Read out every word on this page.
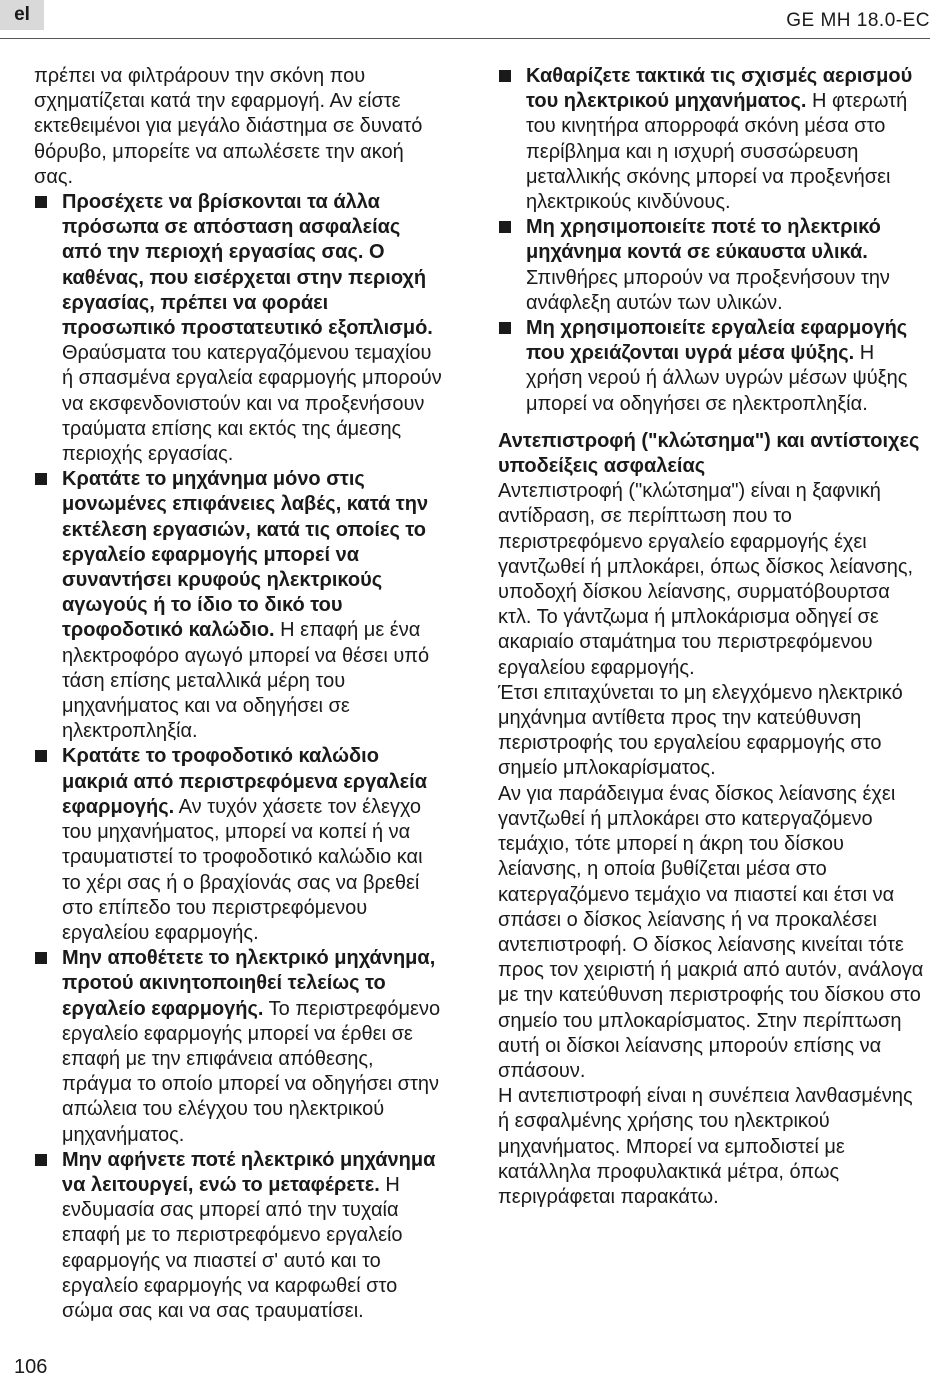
el	GE MH 18.0-EC

πρέπει να φιλτράρουν την σκόνη που σχηματίζεται κατά την εφαρμογή. Αν είστε εκτεθειμένοι για μεγάλο διάστημα σε δυνατό θόρυβο, μπορείτε να απωλέσετε την ακοή σας.

Προσέχετε να βρίσκονται τα άλλα πρόσωπα σε απόσταση ασφαλείας από την περιοχή εργασίας σας. Ο καθένας, που εισέρχεται στην περιοχή εργασίας, πρέπει να φοράει προσωπικό προστατευτικό εξοπλισμό. Θραύσματα του κατεργαζόμενου τεμαχίου ή σπασμένα εργαλεία εφαρμογής μπορούν να εκσφενδονιστούν και να προξενήσουν τραύματα επίσης και εκτός της άμεσης περιοχής εργασίας.
Κρατάτε το μηχάνημα μόνο στις μονωμένες επιφάνειες λαβές, κατά την εκτέλεση εργασιών, κατά τις οποίες το εργαλείο εφαρμογής μπορεί να συναντήσει κρυφούς ηλεκτρικούς αγωγούς ή το ίδιο το δικό του τροφοδοτικό καλώδιο. Η επαφή με ένα ηλεκτροφόρο αγωγό μπορεί να θέσει υπό τάση επίσης μεταλλικά μέρη του μηχανήματος και να οδηγήσει σε ηλεκτροπληξία.
Κρατάτε το τροφοδοτικό καλώδιο μακριά από περιστρεφόμενα εργαλεία εφαρμογής. Αν τυχόν χάσετε τον έλεγχο του μηχανήματος, μπορεί να κοπεί ή να τραυματιστεί το τροφοδοτικό καλώδιο και το χέρι σας ή ο βραχίονάς σας να βρεθεί στο επίπεδο του περιστρεφόμενου εργαλείου εφαρμογής.
Μην αποθέτετε το ηλεκτρικό μηχάνημα, προτού ακινητοποιηθεί τελείως το εργαλείο εφαρμογής. Το περιστρεφόμενο εργαλείο εφαρμογής μπορεί να έρθει σε επαφή με την επιφάνεια απόθεσης, πράγμα το οποίο μπορεί να οδηγήσει στην απώλεια του ελέγχου του ηλεκτρικού μηχανήματος.
Μην αφήνετε ποτέ ηλεκτρικό μηχάνημα να λειτουργεί, ενώ το μεταφέρετε. Η ενδυμασία σας μπορεί από την τυχαία επαφή με το περιστρεφόμενο εργαλείο εφαρμογής να πιαστεί σ' αυτό και το εργαλείο εφαρμογής να καρφωθεί στο σώμα σας και να σας τραυματίσει.
Καθαρίζετε τακτικά τις σχισμές αερισμού του ηλεκτρικού μηχανήματος. Η φτερωτή του κινητήρα απορροφά σκόνη μέσα στο περίβλημα και η ισχυρή συσσώρευση μεταλλικής σκόνης μπορεί να προξενήσει ηλεκτρικούς κινδύνους.
Μη χρησιμοποιείτε ποτέ το ηλεκτρικό μηχάνημα κοντά σε εύκαυστα υλικά. Σπινθήρες μπορούν να προξενήσουν την ανάφλεξη αυτών των υλικών.
Μη χρησιμοποιείτε εργαλεία εφαρμογής που χρειάζονται υγρά μέσα ψύξης. Η χρήση νερού ή άλλων υγρών μέσων ψύξης μπορεί να οδηγήσει σε ηλεκτροπληξία.

Αντεπιστροφή ("κλώτσημα") και αντίστοιχες υποδείξεις ασφαλείας

Αντεπιστροφή ("κλώτσημα") είναι η ξαφνική αντίδραση, σε περίπτωση που το περιστρεφόμενο εργαλείο εφαρμογής έχει γαντζωθεί ή μπλοκάρει, όπως δίσκος λείανσης, υποδοχή δίσκου λείανσης, συρματόβουρτσα κτλ. Το γάντζωμα ή μπλοκάρισμα οδηγεί σε ακαριαίο σταμάτημα του περιστρεφόμενου εργαλείου εφαρμογής.

Έτσι επιταχύνεται το μη ελεγχόμενο ηλεκτρικό μηχάνημα αντίθετα προς την κατεύθυνση περιστροφής του εργαλείου εφαρμογής στο σημείο μπλοκαρίσματος.

Αν για παράδειγμα ένας δίσκος λείανσης έχει γαντζωθεί ή μπλοκάρει στο κατεργαζόμενο τεμάχιο, τότε μπορεί η άκρη του δίσκου λείανσης, η οποία βυθίζεται μέσα στο κατεργαζόμενο τεμάχιο να πιαστεί και έτσι να σπάσει ο δίσκος λείανσης ή να προκαλέσει αντεπιστροφή. Ο δίσκος λείανσης κινείται τότε προς τον χειριστή ή μακριά από αυτόν, ανάλογα με την κατεύθυνση περιστροφής του δίσκου στο σημείο του μπλοκαρίσματος. Στην περίπτωση αυτή οι δίσκοι λείανσης μπορούν επίσης να σπάσουν.

Η αντεπιστροφή είναι η συνέπεια λανθασμένης ή εσφαλμένης χρήσης του ηλεκτρικού μηχανήματος. Μπορεί να εμποδιστεί με κατάλληλα προφυλακτικά μέτρα, όπως περιγράφεται παρακάτω.

106
